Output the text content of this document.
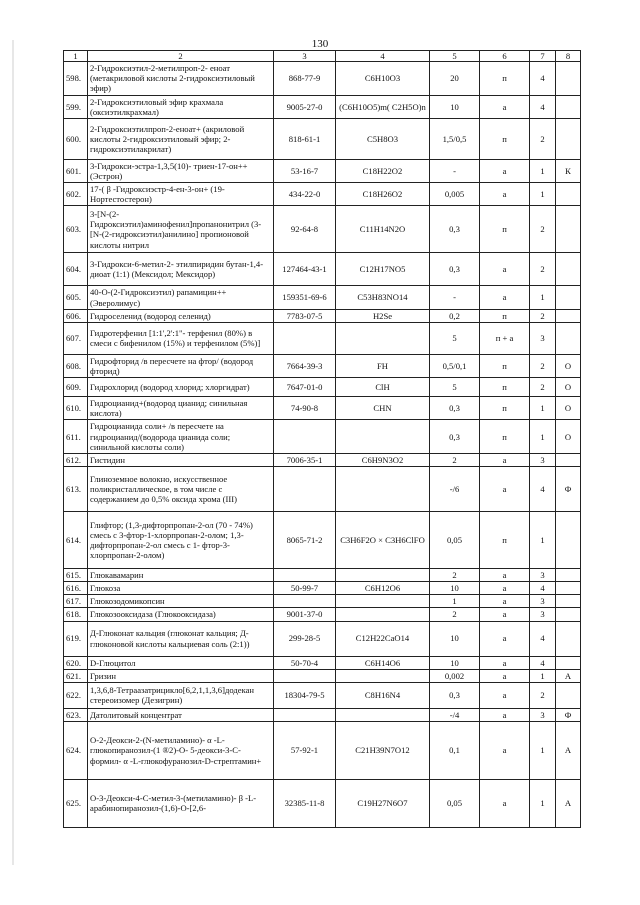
130
1	2	3	4	5	6	7	8
598.	2-Гидроксиэтил-2-метилпроп-2- еноат (метакриловой кислоты 2-гидроксиэтиловый эфир)	868-77-9	C6H10O3	20	п	4	
599.	2-Гидроксиэтиловый эфир крахмала (оксиэтилкрахмал)	9005-27-0	(C6H10O5)m( C2H5O)n	10	а	4	
600.	2-Гидроксиэтилпроп-2-еноат+ (акриловой кислоты 2-гидроксиэтиловый эфир; 2-гидроксиэтилакрилат)	818-61-1	C5H8O3	1,5/0,5	п	2	
601.	3-Гидрокси-эстра-1,3,5(10)- триен-17-он++ (Эстрон)	53-16-7	C18H22O2	-	а	1	К
602.	17-( β -Гидроксиэстр-4-ен-3-он+ (19-Нортестостерон)	434-22-0	C18H26O2	0,005	а	1	
603.	3-[N-(2-Гидроксиэтил)аминофенил]пропанонитрил (3-[N-(2-гидроксиэтил)анилино] пропионовой кислоты нитрил	92-64-8	C11H14N2O	0,3	п	2	
604.	3-Гидрокси-6-метил-2- этилпиридин бутан-1,4-диоат (1:1) (Мексидол; Мексидор)	127464-43-1	C12H17NO5	0,3	а	2	
605.	40-О-(2-Гидроксиэтил) рапамицин++ (Эверолимус)	159351-69-6	C53H83NO14	-	а	1	
606.	Гидроселенид (водород селенид)	7783-07-5	H2Se	0,2	п	2	
607.	Гидротерфенил [1:1',2':1"- терфенил (80%) в смеси с бифенилом (15%) и терфенилом (5%)]			5	п + а	3	
608.	Гидрофторид /в пересчете на фтор/ (водород фторид)	7664-39-3	FH	0,5/0,1	п	2	О
609.	Гидрохлорид (водород хлорид; хлоргидрат)	7647-01-0	ClH	5	п	2	О
610.	Гидроцианид+(водород цианид; синильная кислота)	74-90-8	CHN	0,3	п	1	О
611.	Гидроцианида соли+ /в пересчете на гидроцианид/(водорода цианида соли; синильной кислоты соли)			0,3	п	1	О
612.	Гистидин	7006-35-1	C6H9N3O2	2	а	3	
613.	Глиноземное волокно, искусственное поликристаллическое, в том числе с содержанием до 0,5% оксида хрома (III)			-/6	а	4	Ф
614.	Глифтор; (1,3-дифторпропан-2-ол (70 - 74%) смесь с 3-фтор-1-хлорпропан-2-олом; 1,3-дифторпропан-2-ол смесь с 1- фтор-3-хлорпропан-2-олом)	8065-71-2	C3H6F2O × C3H6ClFO	0,05	п	1	
615.	Глюкавамарин			2	а	3	
616.	Глюкоза	50-99-7	C6H12O6	10	а	4	
617.	Глюкозодомикопсин			1	а	3	
618.	Глюкозооксидаза (Глюкооксидаза)	9001-37-0		2	а	3	
619.	Д-Глюконат кальция (глюконат кальция; Д- глюконовой кислоты кальциевая соль (2:1))	299-28-5	C12H22CaO14	10	а	4	
620.	D-Глюцитол	50-70-4	C6H14O6	10	а	4	
621.	Гризин			0,002	а	1	А
622.	1,3,6,8-Тетраазатрицикло[6,2,1,1,3,6]додекан стереоизомер (Дезигрин)	18304-79-5	C8H16N4	0,3	а	2	
623.	Датолитовый концентрат			-/4	а	3	Ф
624.	О-2-Деокси-2-(N-метиламино)- α -L-глюкопиранозил-(1 ®2)-О- 5-деокси-3-С-формил- α -L-глюкофуранозил-D-стрептамин+	57-92-1	C21H39N7O12	0,1	а	1	А
625.	О-3-Деокси-4-С-метил-3-(метиламино)- β -L-арабинопиранозил-(1,6)-О-[2,6-	32385-11-8	C19H27N6O7	0,05	а	1	А
